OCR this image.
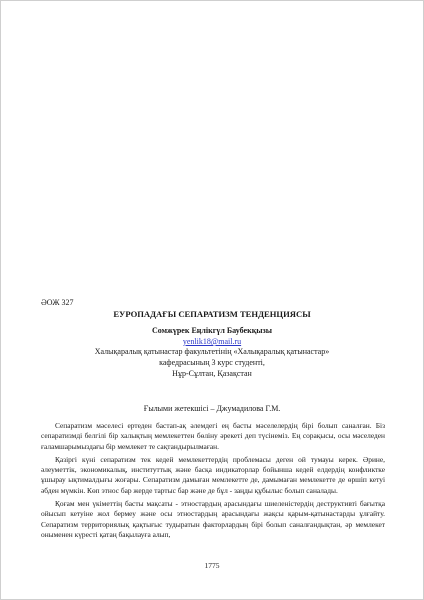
ӘОЖ 327
ЕУРОПАДАҒЫ СЕПАРАТИЗМ ТЕНДЕНЦИЯСЫ
Сомжүрек Еңлікгүл Баубекқызы
yenlik18@mail.ru
Халықаралық қатынастар факультетінің «Халықаралық қатынастар»
кафедрасының 3 курс студенті,
Нұр-Сұлтан, Қазақстан
Ғылыми жетекшісі – Джумадилова Г.М.

Сепаратизм мәселесі ертеден бастап-ақ әлемдегі ең басты мәселелердің бірі болып саналған. Біз сепаратизмді белгілі бір халықтың мемлекеттен бөліну әрекеті деп түсінеміз. Ең сорақысы, осы мәселеден ғаламшарымыздағы бір мемлекет те сақтандырылмаған.

Қазіргі күні сепаратизм тек кедей мемлекеттердің проблемасы деген ой тумауы керек. Әрине, әлеуметтік, экономикалық, институттық және басқа индикаторлар бойынша кедей елдердің конфликтке ұшырау ықтималдығы жоғары. Сепаратизм дамыған мемлекетте де, дамымаған мемлекетте де өршіп кетуі әбден мүмкін. Көп этнос бар жерде тартыс бар және де бұл - заңды құбылыс болып саналады.

Қоғам мен үкіметтің басты мақсаты - этностардың арасындағы шиеленістердің деструктивті бағытқа ойысып кетуіне жол бермеу және осы этностардың арасындағы жақсы қарым-қатынастарды ұлғайту. Сепаратизм территориялық қақтығыс тудыратын факторлардың бірі болып саналғандықтан, әр мемлекет оныменен күресті қатаң бақылауға алып,

1775
